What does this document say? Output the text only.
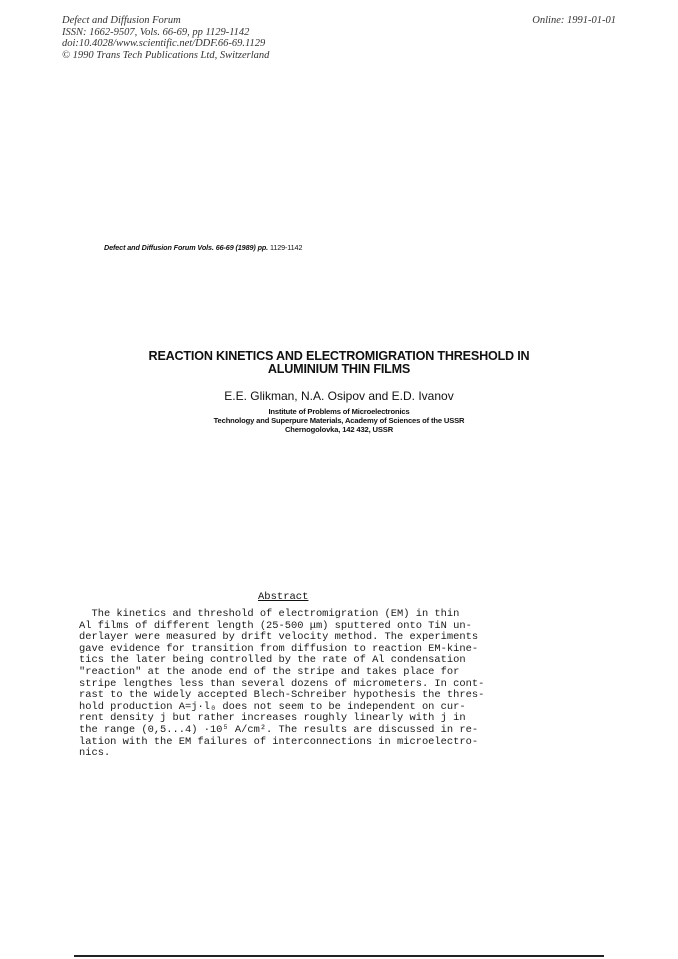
Defect and Diffusion Forum
ISSN: 1662-9507, Vols. 66-69, pp 1129-1142
doi:10.4028/www.scientific.net/DDF.66-69.1129
© 1990 Trans Tech Publications Ltd, Switzerland
Online: 1991-01-01
Defect and Diffusion Forum Vols. 66-69 (1989) pp. 1129-1142
REACTION KINETICS AND ELECTROMIGRATION THRESHOLD IN
ALUMINIUM THIN FILMS
E.E. Glikman, N.A. Osipov and E.D. Ivanov
Institute of Problems of Microelectronics
Technology and Superpure Materials, Academy of Sciences of the USSR
Chernogolovka, 142 432, USSR
Abstract
The kinetics and threshold of electromigration (EM) in thin
Al films of different length (25-500 μm) sputtered onto TiN un-
derlayer were measured by drift velocity method. The experiments
gave evidence for transition from diffusion to reaction EM-kine-
tics the later being controlled by the rate of Al condensation
"reaction" at the anode end of the stripe and takes place for
stripe lengthes less than several dozens of micrometers. In cont-
rast to the widely accepted Blech-Schreiber hypothesis the thres-
hold production A=j·l₀ does not seem to be independent on cur-
rent density j but rather increases roughly linearly with j in
the range (0,5...4) ·10⁵ A/cm². The results are discussed in re-
lation with the EM failures of interconnections in microelectro-
nics.
